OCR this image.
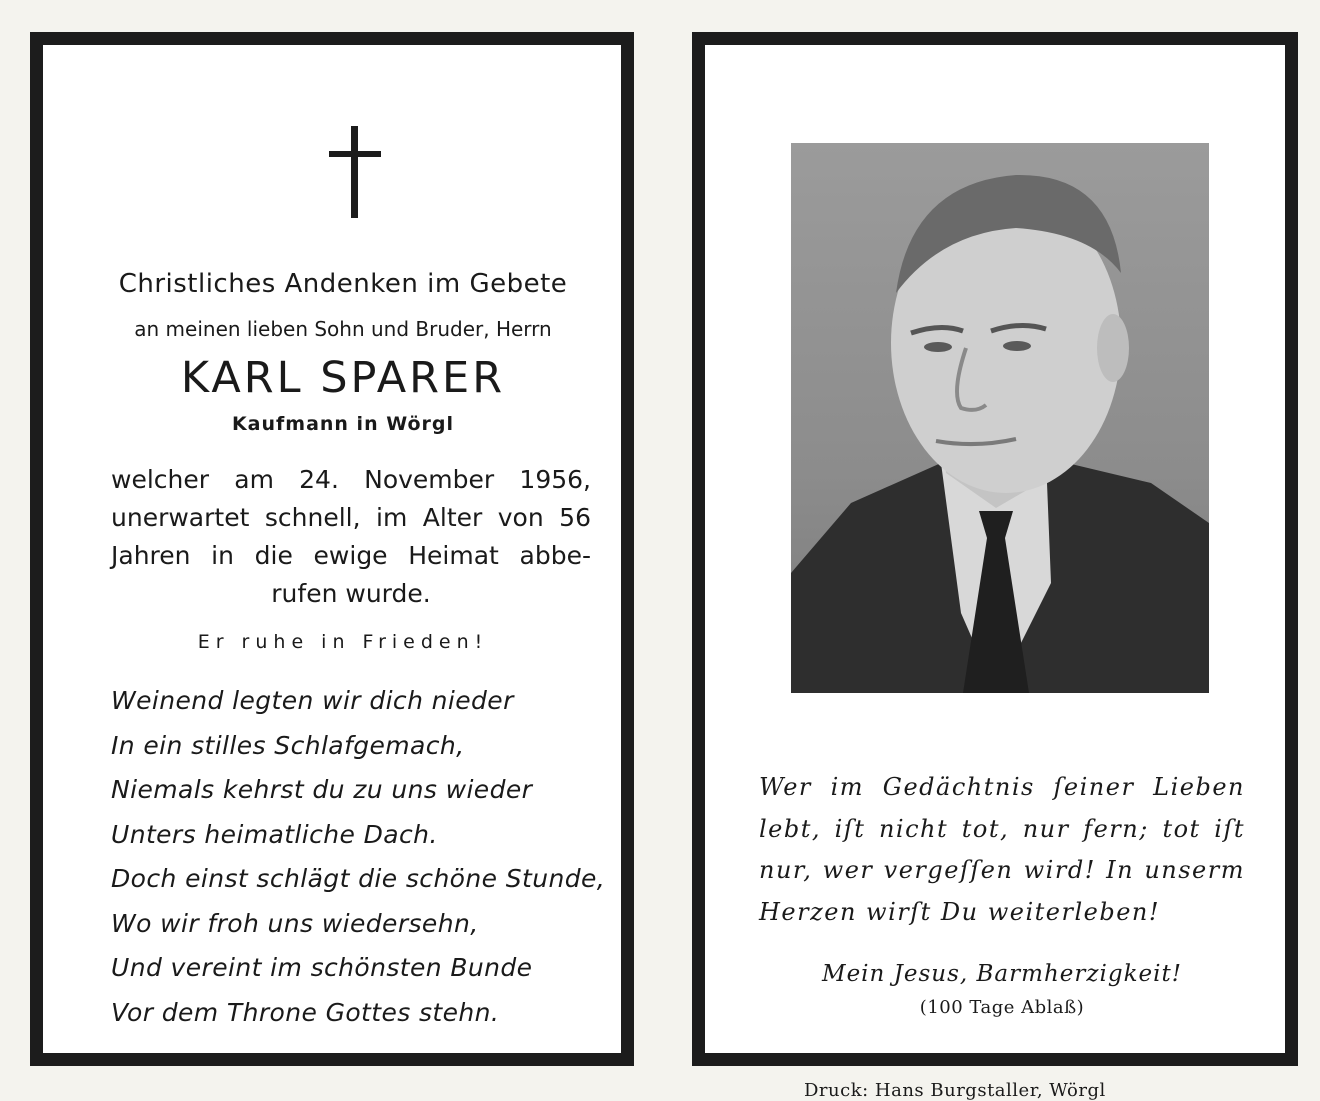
Christliches Andenken im Gebete
an meinen lieben Sohn und Bruder, Herrn
KARL SPARER
Kaufmann in Wörgl
welcher am 24. November 1956,
unerwartet schnell, im Alter von 56
Jahren in die ewige Heimat abbe-
rufen wurde.
Er ruhe in Frieden!
Weinend legten wir dich nieder
In ein stilles Schlafgemach,
Niemals kehrst du zu uns wieder
Unters heimatliche Dach.
Doch einst schlägt die schöne Stunde,
Wo wir froh uns wiedersehn,
Und vereint im schönsten Bunde
Vor dem Throne Gottes stehn.
Wer im Gedächtnis ſeiner Lieben
lebt, iſt nicht tot, nur fern; tot iſt
nur, wer vergeſſen wird! In unserm
Herzen wirſt Du weiterleben!
Mein Jesus, Barmherzigkeit!
(100 Tage Ablaß)
Druck: Hans Burgstaller, Wörgl
